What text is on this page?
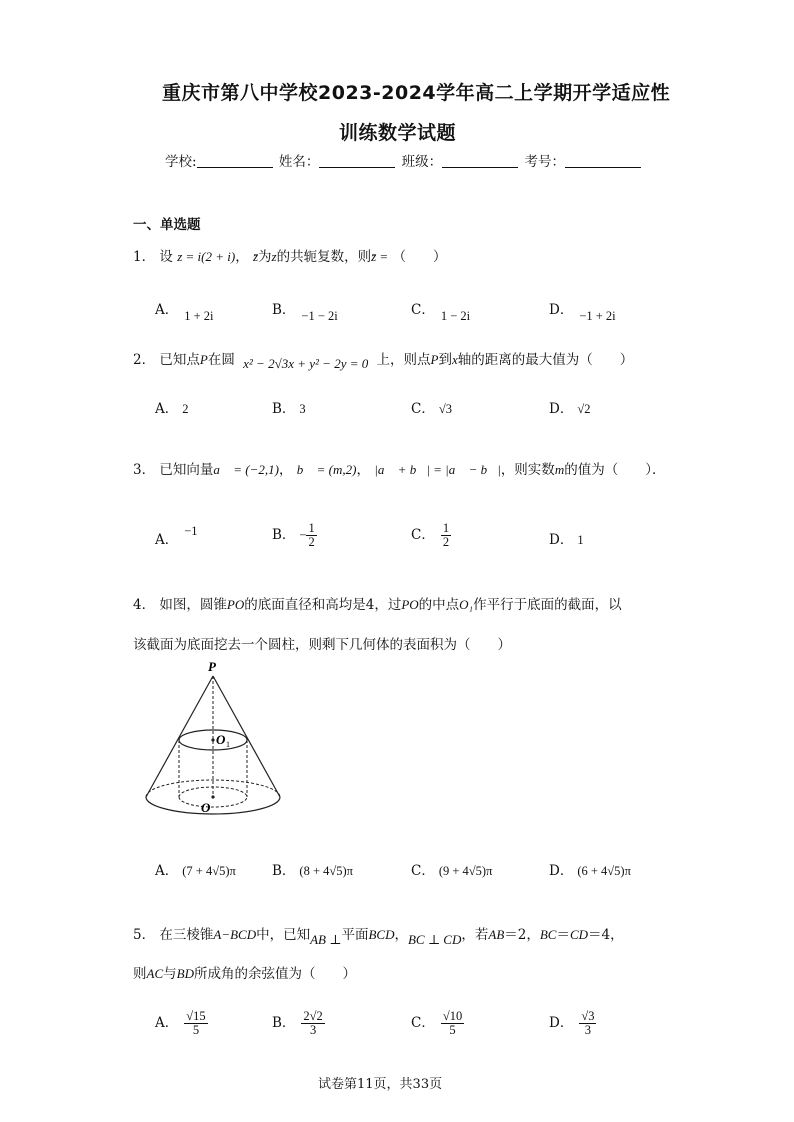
重庆市第八中学校2023-2024学年高二上学期开学适应性
训练数学试题
学校:	姓名：	班级：	考号：
一、单选题
1． 设 z = i(2 + i)， z̄为z的共轭复数，则z̄ = （　　）
A． 1 + 2i	B． −1 − 2i	C． 1 − 2i	D． −1 + 2i
2． 已知点P在圆 x² − 2√3x + y² − 2y = 0 上，则点P到x轴的距离的最大值为（　　）
A． 2	B． 3	C． √3	D． √2
3． 已知向量a⃗ = (−2,1)， b⃗ = (m,2)， |a⃗ + b⃗| = |a⃗ − b⃗|，则实数m的值为（　　）．
A．−1	B． − $\frac{1}{2}$	C． $\frac{1}{2}$	D． 1
4． 如图，圆锥PO的底面直径和高均是4，过PO的中点O₁作平行于底面的截面，以
该截面为底面挖去一个圆柱，则剩下几何体的表面积为（　　）
P
O 1
O
A． (7 + 4√5)π	B． (8 + 4√5)π	C． (9 + 4√5)π	D． (6 + 4√5)π
5． 在三棱锥A−BCD中，已知AB ⊥平面BCD，BC ⊥ CD，若AB＝2，BC＝CD＝4，
则AC与BD所成角的余弦值为（　　）
A． $\frac{√15}{5}$	B． $\frac{2√2}{3}$	C． $\frac{√10}{5}$	D． $\frac{√3}{3}$
试卷第11页，共33页
